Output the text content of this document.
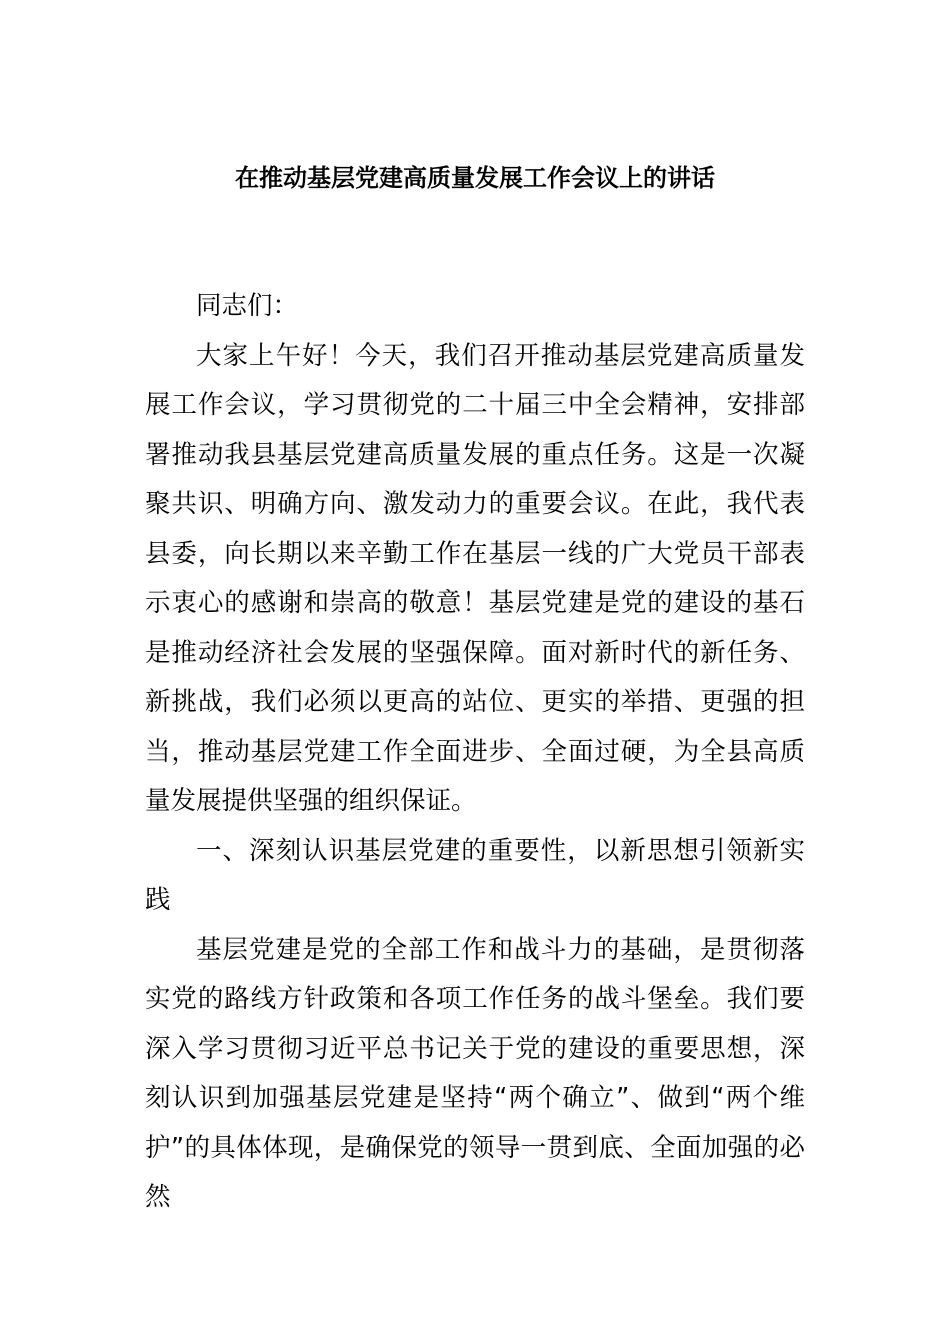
在推动基层党建高质量发展工作会议上的讲话

同志们：

大家上午好！今天，我们召开推动基层党建高质量发展工作会议，学习贯彻党的二十届三中全会精神，安排部署推动我县基层党建高质量发展的重点任务。这是一次凝聚共识、明确方向、激发动力的重要会议。在此，我代表县委，向长期以来辛勤工作在基层一线的广大党员干部表示衷心的感谢和崇高的敬意！基层党建是党的建设的基石是推动经济社会发展的坚强保障。面对新时代的新任务、新挑战，我们必须以更高的站位、更实的举措、更强的担当，推动基层党建工作全面进步、全面过硬，为全县高质量发展提供坚强的组织保证。

一、深刻认识基层党建的重要性，以新思想引领新实践

基层党建是党的全部工作和战斗力的基础，是贯彻落实党的路线方针政策和各项工作任务的战斗堡垒。我们要深入学习贯彻习近平总书记关于党的建设的重要思想，深刻认识到加强基层党建是坚持“两个确立”、做到“两个维护”的具体体现，是确保党的领导一贯到底、全面加强的必然
